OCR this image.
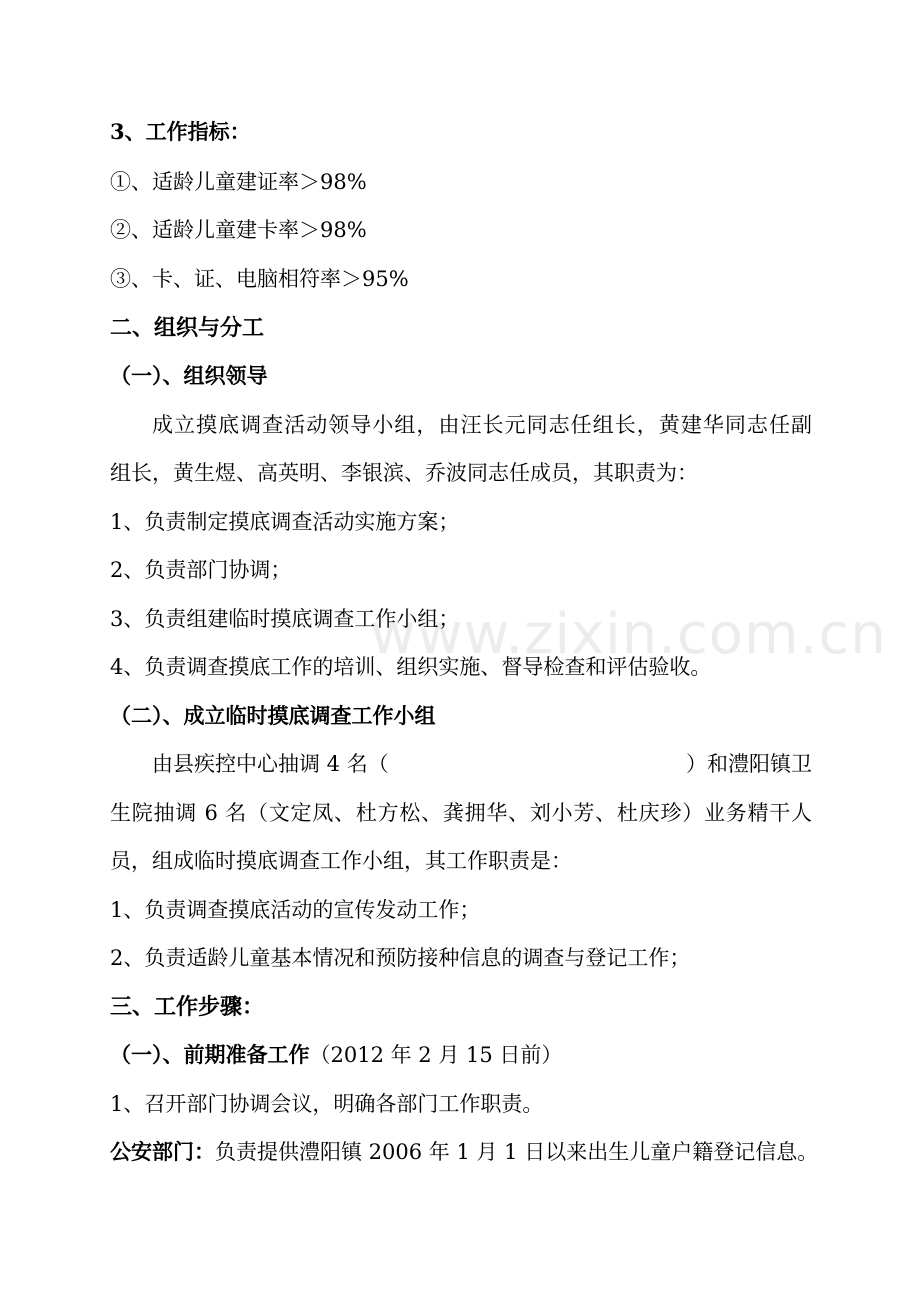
www.zixin.com.cn
3、工作指标：
①、适龄儿童建证率＞98%
②、适龄儿童建卡率＞98%
③、卡、证、电脑相符率＞95%
二、组织与分工
（一）、组织领导
成立摸底调查活动领导小组，由汪长元同志任组长，黄建华同志任副
组长，黄生煜、高英明、李银滨、乔波同志任成员，其职责为：
1、负责制定摸底调查活动实施方案；
2、负责部门协调；
3、负责组建临时摸底调查工作小组；
4、负责调查摸底工作的培训、组织实施、督导检查和评估验收。
（二）、成立临时摸底调查工作小组
由县疾控中心抽调 4 名（	）和澧阳镇卫
生院抽调 6 名（文定凤、杜方松、龚拥华、刘小芳、杜庆珍）业务精干人
员，组成临时摸底调查工作小组，其工作职责是：
1、负责调查摸底活动的宣传发动工作；
2、负责适龄儿童基本情况和预防接种信息的调查与登记工作；
三、工作步骤：
（一）、前期准备工作（2012 年 2 月 15 日前）
1、召开部门协调会议，明确各部门工作职责。
公安部门：负责提供澧阳镇 2006 年 1 月 1 日以来出生儿童户籍登记信息。
